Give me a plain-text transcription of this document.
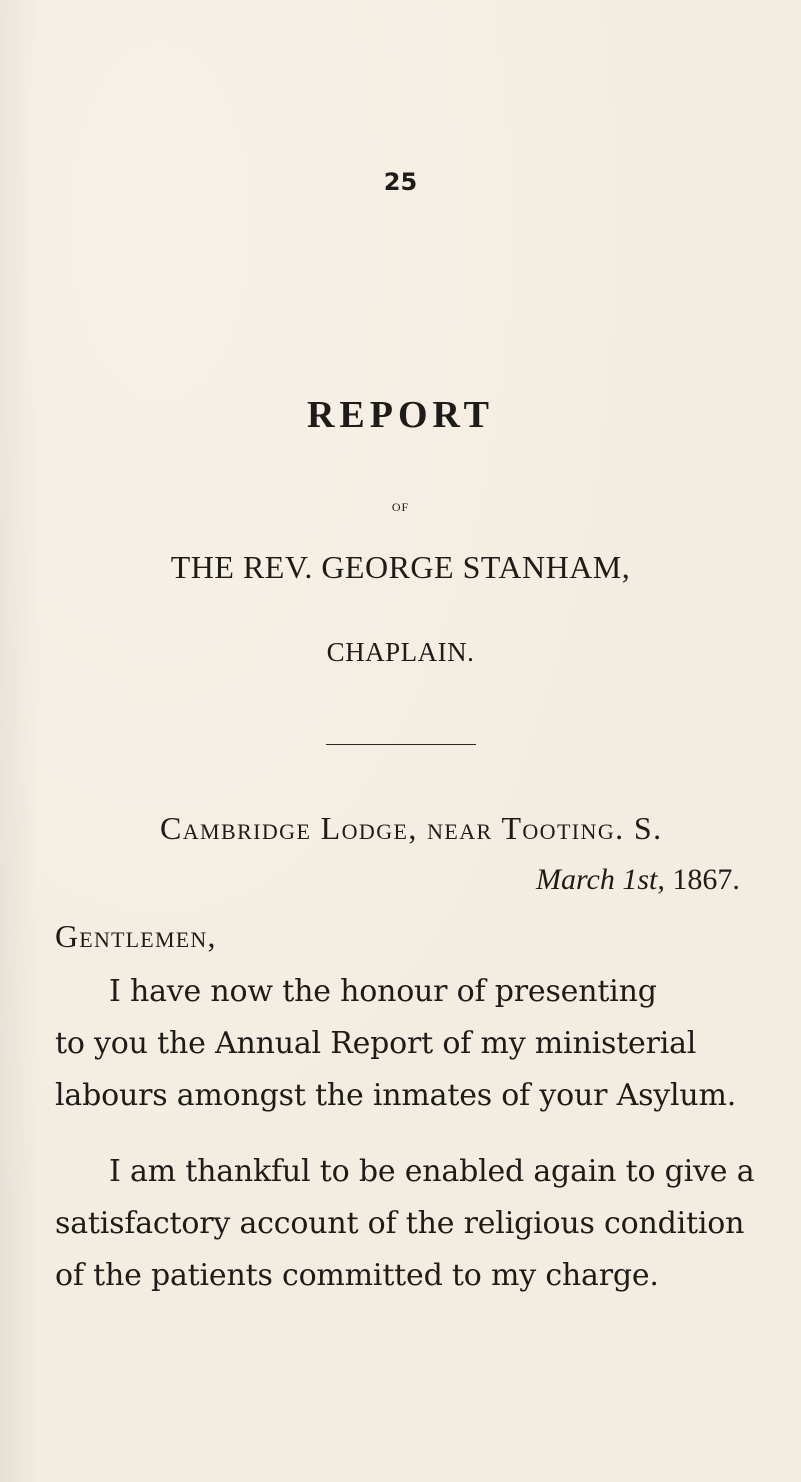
25
REPORT
OF
THE REV. GEORGE STANHAM,
CHAPLAIN.
Cambridge Lodge, near Tooting. S.
March 1st, 1867.
Gentlemen,
I have now the honour of presenting
to you the Annual Report of my ministerial
labours amongst the inmates of your Asylum.
I am thankful to be enabled again to give a
satisfactory account of the religious condition
of the patients committed to my charge.
